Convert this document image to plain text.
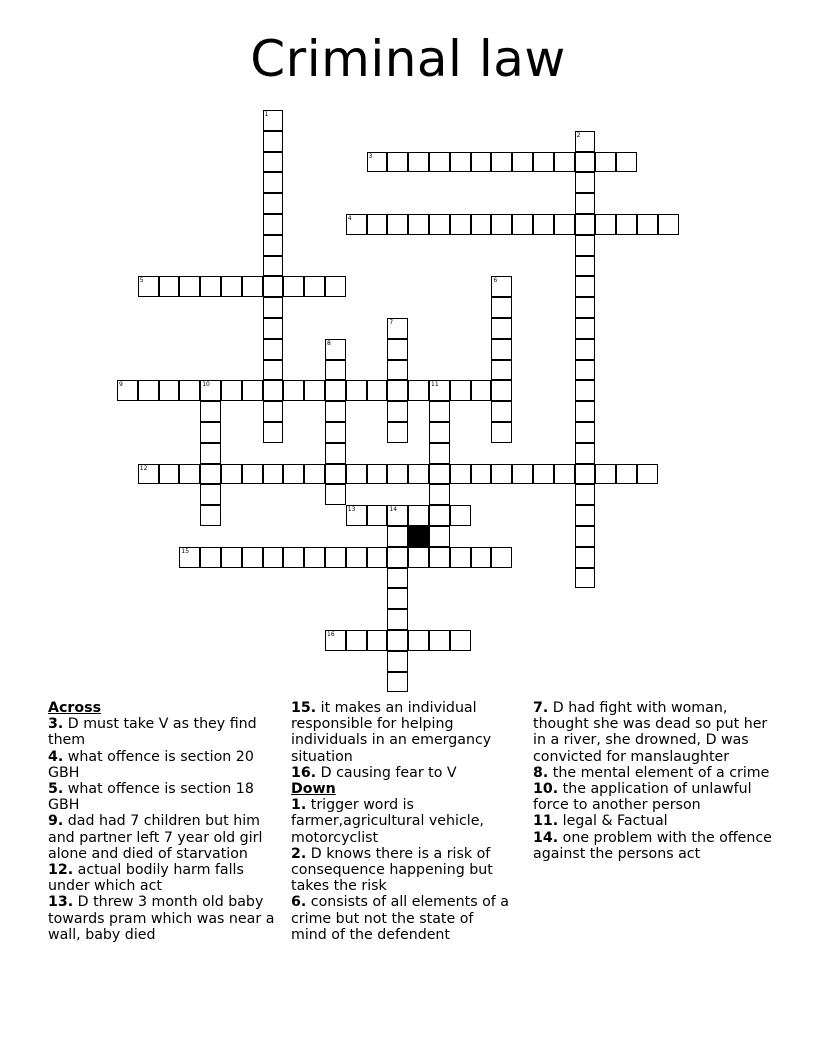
Criminal law
1
2
3
4
5	6
7
8
9	10	11
12
13	14
15
16
Across
3. D must take V as they find them
4. what offence is section 20 GBH
5. what offence is section 18 GBH
9. dad had 7 children but him and partner left 7 year old girl alone and died of starvation
12. actual bodily harm falls under which act
13. D threw 3 month old baby towards pram which was near a wall, baby died
15. it makes an individual responsible for helping individuals in an emergancy situation
16. D causing fear to V
Down
1. trigger word is farmer,agricultural vehicle, motorcyclist
2. D knows there is a risk of consequence happening but takes the risk
6. consists of all elements of a crime but not the state of mind of the defendent
7. D had fight with woman, thought she was dead so put her in a river, she drowned, D was convicted for manslaughter
8. the mental element of a crime
10. the application of unlawful force to another person
11. legal & Factual
14. one problem with the offence against the persons act
